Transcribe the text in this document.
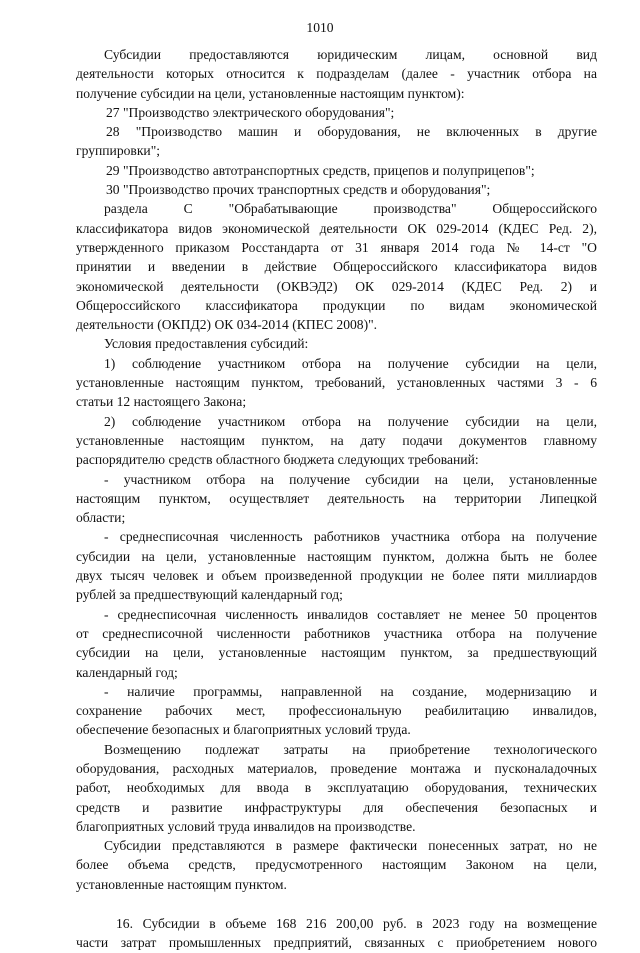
1010
Субсидии предоставляются юридическим лицам, основной вид
деятельности которых относится к подразделам (далее - участник отбора на
получение субсидии на цели, установленные настоящим пунктом):
27 "Производство электрического оборудования";
28 "Производство машин и оборудования, не включенных в другие
группировки";
29 "Производство автотранспортных средств, прицепов и полуприцепов";
30 "Производство прочих транспортных средств и оборудования";
раздела С "Обрабатывающие производства" Общероссийского
классификатора видов экономической деятельности ОК 029-2014 (КДЕС Ред. 2),
утвержденного приказом Росстандарта от 31 января 2014 года № 14-ст "О
принятии и введении в действие Общероссийского классификатора видов
экономической деятельности (ОКВЭД2) ОК 029-2014 (КДЕС Ред. 2) и
Общероссийского классификатора продукции по видам экономической
деятельности (ОКПД2) ОК 034-2014 (КПЕС 2008)".
Условия предоставления субсидий:
1) соблюдение участником отбора на получение субсидии на цели,
установленные настоящим пунктом, требований, установленных частями 3 - 6
статьи 12 настоящего Закона;
2) соблюдение участником отбора на получение субсидии на цели,
установленные настоящим пунктом, на дату подачи документов главному
распорядителю средств областного бюджета следующих требований:
- участником отбора на получение субсидии на цели, установленные
настоящим пунктом, осуществляет деятельность на территории Липецкой
области;
- среднесписочная численность работников участника отбора на получение
субсидии на цели, установленные настоящим пунктом, должна быть не более
двух тысяч человек и объем произведенной продукции не более пяти миллиардов
рублей за предшествующий календарный год;
- среднесписочная численность инвалидов составляет не менее 50 процентов
от среднесписочной численности работников участника отбора на получение
субсидии на цели, установленные настоящим пунктом, за предшествующий
календарный год;
- наличие программы, направленной на создание, модернизацию и
сохранение рабочих мест, профессиональную реабилитацию инвалидов,
обеспечение безопасных и благоприятных условий труда.
Возмещению подлежат затраты на приобретение технологического
оборудования, расходных материалов, проведение монтажа и пусконаладочных
работ, необходимых для ввода в эксплуатацию оборудования, технических
средств и развитие инфраструктуры для обеспечения безопасных и
благоприятных условий труда инвалидов на производстве.
Субсидии представляются в размере фактически понесенных затрат, но не
более объема средств, предусмотренного настоящим Законом на цели,
установленные настоящим пунктом.
16. Субсидии в объеме 168 216 200,00 руб. в 2023 году на возмещение
части затрат промышленных предприятий, связанных с приобретением нового
